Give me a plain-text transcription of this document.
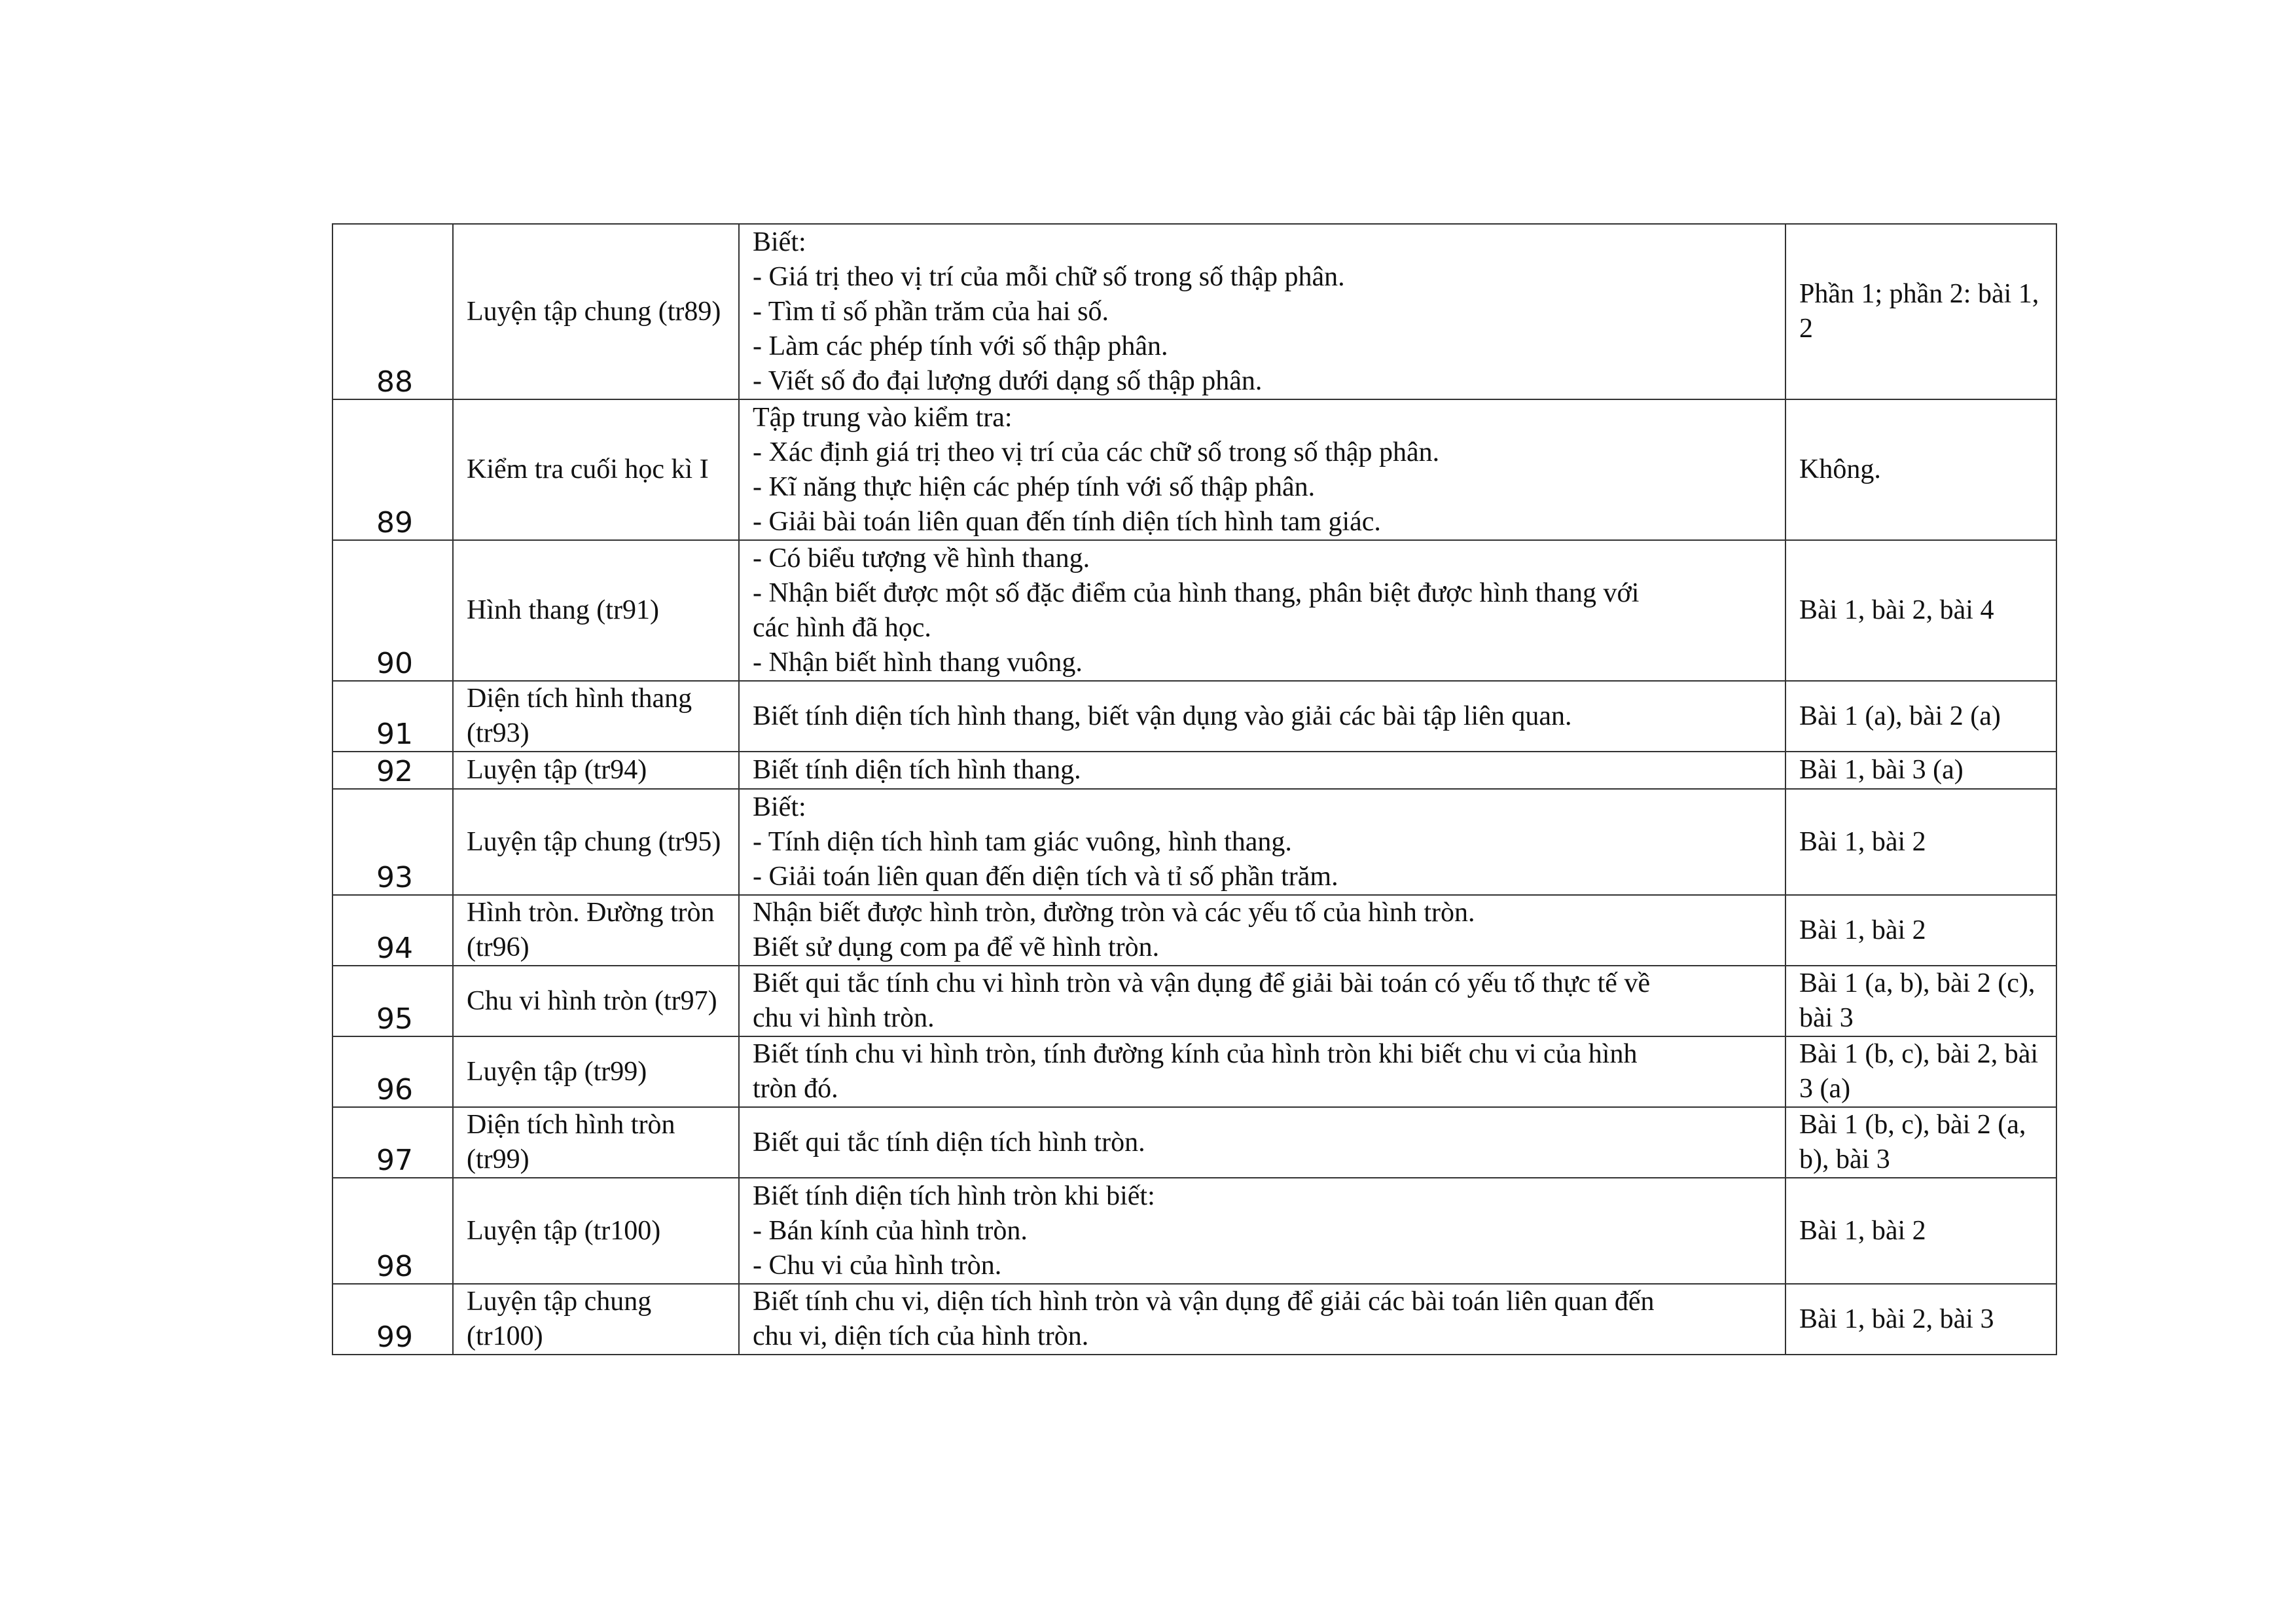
88	Luyện tập chung (tr89)	Biết:
- Giá trị theo vị trí của mỗi chữ số trong số thập phân.
- Tìm tỉ số phần trăm của hai số.
- Làm các phép tính với số thập phân.
- Viết số đo đại lượng dưới dạng số thập phân.	Phần 1; phần 2: bài 1, 2
89	Kiểm tra cuối học kì I	Tập trung vào kiểm tra:
- Xác định giá trị theo vị trí của các chữ số trong số thập phân.
- Kĩ năng thực hiện các phép tính với số thập phân.
- Giải bài toán liên quan đến tính diện tích hình tam giác.	Không.
90	Hình thang (tr91)	- Có biểu tượng về hình thang.
- Nhận biết được một số đặc điểm của hình thang, phân biệt được hình thang với
các hình đã học.
- Nhận biết hình thang vuông.	Bài 1, bài 2, bài 4
91	Diện tích hình thang (tr93)	Biết tính diện tích hình thang, biết vận dụng vào giải các bài tập liên quan.	Bài 1 (a), bài 2 (a)
92	Luyện tập (tr94)	Biết tính diện tích hình thang.	Bài 1, bài 3 (a)
93	Luyện tập chung (tr95)	Biết:
- Tính diện tích hình tam giác vuông, hình thang.
- Giải toán liên quan đến diện tích và tỉ số phần trăm.	Bài 1, bài 2
94	Hình tròn. Đường tròn (tr96)	Nhận biết được hình tròn, đường tròn và các yếu tố của hình tròn.
Biết sử dụng com pa để vẽ hình tròn.	Bài 1, bài 2
95	Chu vi hình tròn (tr97)	Biết qui tắc tính chu vi hình tròn và vận dụng để giải bài toán có yếu tố thực tế về
chu vi hình tròn.	Bài 1 (a, b), bài 2 (c), bài 3
96	Luyện tập (tr99)	Biết tính chu vi hình tròn, tính đường kính của hình tròn khi biết chu vi của hình
tròn đó.	Bài 1 (b, c), bài 2, bài 3 (a)
97	Diện tích hình tròn (tr99)	Biết qui tắc tính diện tích hình tròn.	Bài 1 (b, c), bài 2 (a, b), bài 3
98	Luyện tập (tr100)	Biết tính diện tích hình tròn khi biết:
- Bán kính của hình tròn.
- Chu vi của hình tròn.	Bài 1, bài 2
99	Luyện tập chung (tr100)	Biết tính chu vi, diện tích hình tròn và vận dụng để giải các bài toán liên quan đến
chu vi, diện tích của hình tròn.	Bài 1, bài 2, bài 3
